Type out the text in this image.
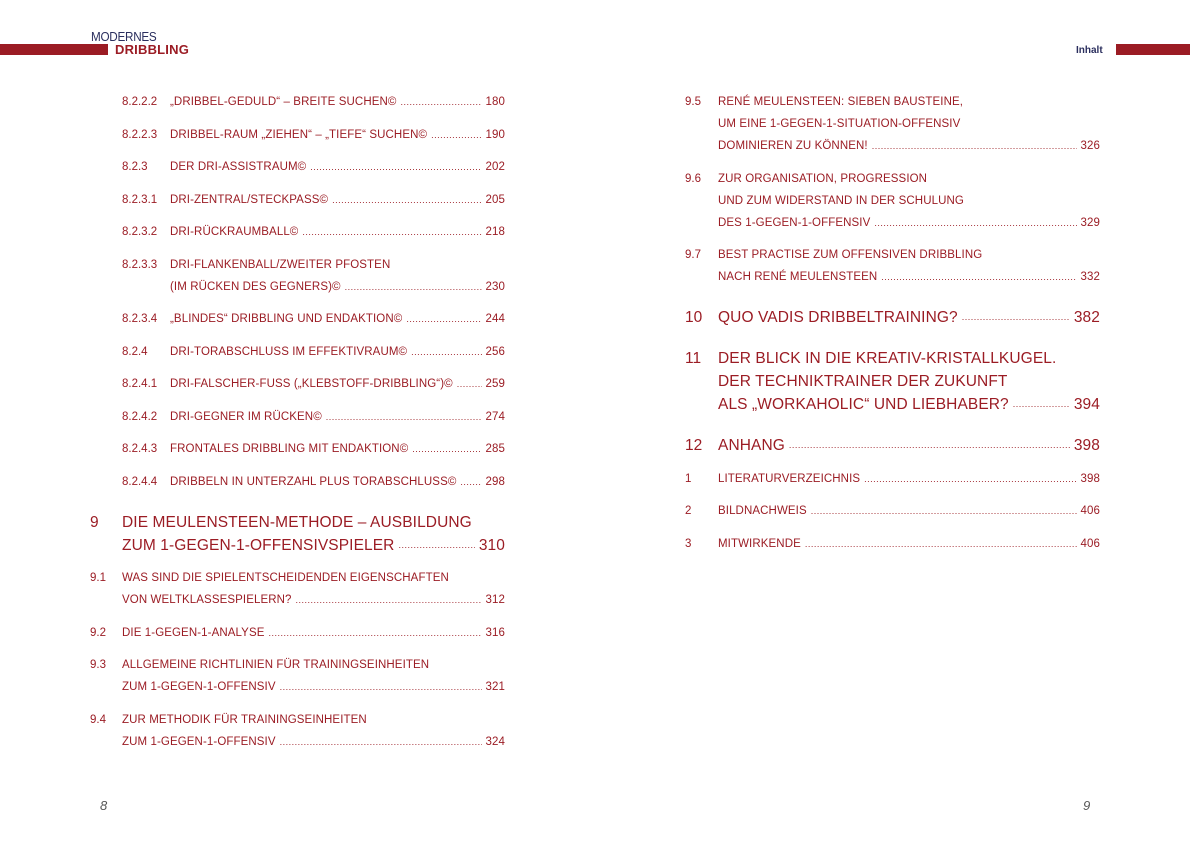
MODERNES
DRIBBLING	Inhalt
8.2.2.2	„DRIBBEL-GEDULD“ – BREITE SUCHEN© .....	180
8.2.2.3	DRIBBEL-RAUM „ZIEHEN“ – „TIEFE“ SUCHEN© .....	190
8.2.3	DER DRI-ASSISTRAUM© .....	202
8.2.3.1	DRI-ZENTRAL/STECKPASS© .....	205
8.2.3.2	DRI-RÜCKRAUMBALL© .....	218
8.2.3.3	DRI-FLANKENBALL/ZWEITER PFOSTEN
(IM RÜCKEN DES GEGNERS)© .....	230
8.2.3.4	„BLINDES“ DRIBBLING UND ENDAKTION© .....	244
8.2.4	DRI-TORABSCHLUSS IM EFFEKTIVRAUM© .....	256
8.2.4.1	DRI-FALSCHER-FUSS („KLEBSTOFF-DRIBBLING“)© .....	259
8.2.4.2	DRI-GEGNER IM RÜCKEN© .....	274
8.2.4.3	FRONTALES DRIBBLING MIT ENDAKTION© .....	285
8.2.4.4	DRIBBELN IN UNTERZAHL PLUS TORABSCHLUSS© .....	298
9	DIE MEULENSTEEN-METHODE – AUSBILDUNG
ZUM 1-GEGEN-1-OFFENSIVSPIELER .....	310
9.1	WAS SIND DIE SPIELENTSCHEIDENDEN EIGENSCHAFTEN
VON WELTKLASSESPIELERN? .....	312
9.2	DIE 1-GEGEN-1-ANALYSE .....	316
9.3	ALLGEMEINE RICHTLINIEN FÜR TRAININGSEINHEITEN
ZUM 1-GEGEN-1-OFFENSIV .....	321
9.4	ZUR METHODIK FÜR TRAININGSEINHEITEN
ZUM 1-GEGEN-1-OFFENSIV .....	324
9.5	RENÉ MEULENSTEEN: SIEBEN BAUSTEINE,
UM EINE 1-GEGEN-1-SITUATION-OFFENSIV
DOMINIEREN ZU KÖNNEN! .....	326
9.6	ZUR ORGANISATION, PROGRESSION
UND ZUM WIDERSTAND IN DER SCHULUNG
DES 1-GEGEN-1-OFFENSIV .....	329
9.7	BEST PRACTISE ZUM OFFENSIVEN DRIBBLING
NACH RENÉ MEULENSTEEN .....	332
10	QUO VADIS DRIBBELTRAINING? .....	382
11	DER BLICK IN DIE KREATIV-KRISTALLKUGEL.
DER TECHNIKTRAINER DER ZUKUNFT
ALS „WORKAHOLIC“ UND LIEBHABER? .....	394
12	ANHANG .....	398
1	LITERATURVERZEICHNIS .....	398
2	BILDNACHWEIS .....	406
3	MITWIRKENDE .....	406
8	9
